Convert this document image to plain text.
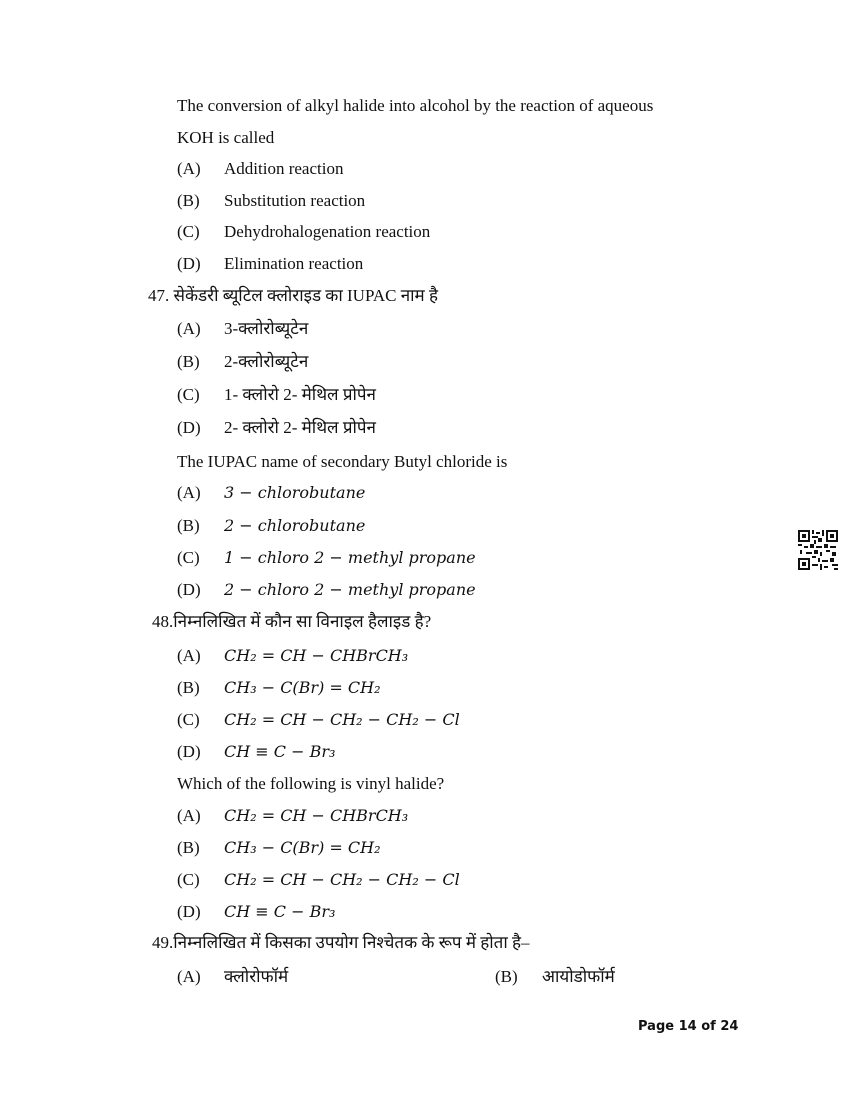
The conversion of alkyl halide into alcohol by the reaction of aqueous
KOH is called
(A) Addition reaction
(B) Substitution reaction
(C) Dehydrohalogenation reaction
(D) Elimination reaction
47. सेकेंडरी ब्यूटिल क्लोराइड का IUPAC नाम है
(A) 3-क्लोरोब्यूटेन
(B) 2-क्लोरोब्यूटेन
(C) 1- क्लोरो 2- मेथिल प्रोपेन
(D) 2- क्लोरो 2- मेथिल प्रोपेन
The IUPAC name of secondary Butyl chloride is
(A) 3 − chlorobutane
(B) 2 − chlorobutane
(C) 1 − chloro 2 − methyl propane
(D) 2 − chloro 2 − methyl propane
48.निम्नलिखित में कौन सा विनाइल हैलाइड है?
(A) CH₂ = CH − CHBrCH₃
(B) CH₃ − C(Br) = CH₂
(C) CH₂ = CH − CH₂ − CH₂ − Cl
(D) CH ≡ C − Br₃
Which of the following is vinyl halide?
(A) CH₂ = CH − CHBrCH₃
(B) CH₃ − C(Br) = CH₂
(C) CH₂ = CH − CH₂ − CH₂ − Cl
(D) CH ≡ C − Br₃
49.निम्नलिखित में किसका उपयोग निश्चेतक के रूप में होता है–
(A) क्लोरोफॉर्म	(B) आयोडोफॉर्म
Page 14 of 24
